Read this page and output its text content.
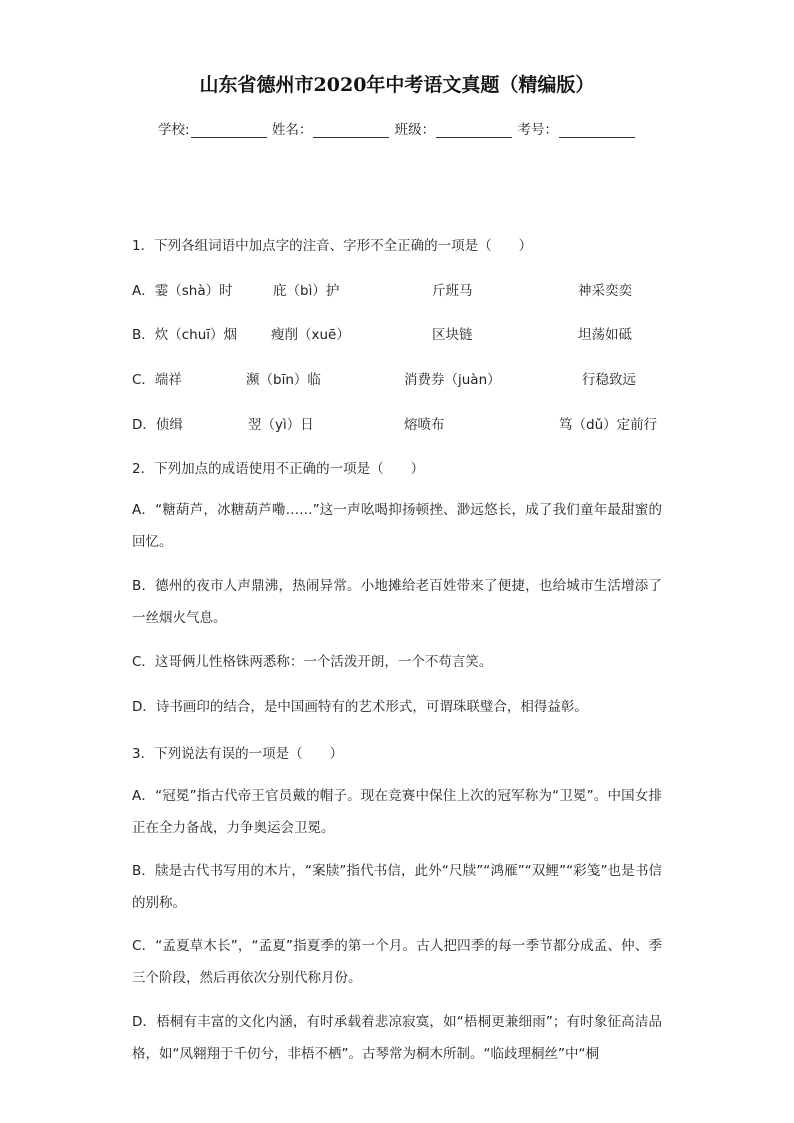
山东省德州市2020年中考语文真题（精编版）
学校:	姓名：	班级：	考号：
1．下列各组词语中加点字的注音、字形不全正确的一项是（　　）
A．霎（shà）时	庇（bì）护	斤班马	神采奕奕
B．炊（chuī）烟	瘦削（xuē）	区块链	坦荡如砥
C．端祥	濒（bīn）临	消费券（juàn）	行稳致远
D．侦缉	翌（yì）日	熔喷布	笃（dǔ）定前行
2．下列加点的成语使用不正确的一项是（　　）
A．“糖葫芦，冰糖葫芦嘞……”这一声吆喝抑扬顿挫、渺远悠长，成了我们童年最甜蜜的回忆。
B．德州的夜市人声鼎沸，热闹异常。小地摊给老百姓带来了便捷，也给城市生活增添了一丝烟火气息。
C．这哥俩儿性格铢两悉称：一个活泼开朗，一个不苟言笑。
D．诗书画印的结合，是中国画特有的艺术形式，可谓珠联璧合，相得益彰。
3．下列说法有误的一项是（　　）
A．“冠冕”指古代帝王官员戴的帽子。现在竞赛中保住上次的冠军称为“卫冕”。中国女排正在全力备战，力争奥运会卫冕。
B．牍是古代书写用的木片，“案牍”指代书信，此外“尺牍”“鸿雁”“双鲤”“彩笺”也是书信的别称。
C．“孟夏草木长”，“孟夏”指夏季的第一个月。古人把四季的每一季节都分成孟、仲、季三个阶段，然后再依次分别代称月份。
D．梧桐有丰富的文化内涵，有时承载着悲凉寂寞，如“梧桐更兼细雨”；有时象征高洁品格，如“凤翱翔于千仞兮，非梧不栖”。古琴常为桐木所制。“临歧理桐丝”中“桐
